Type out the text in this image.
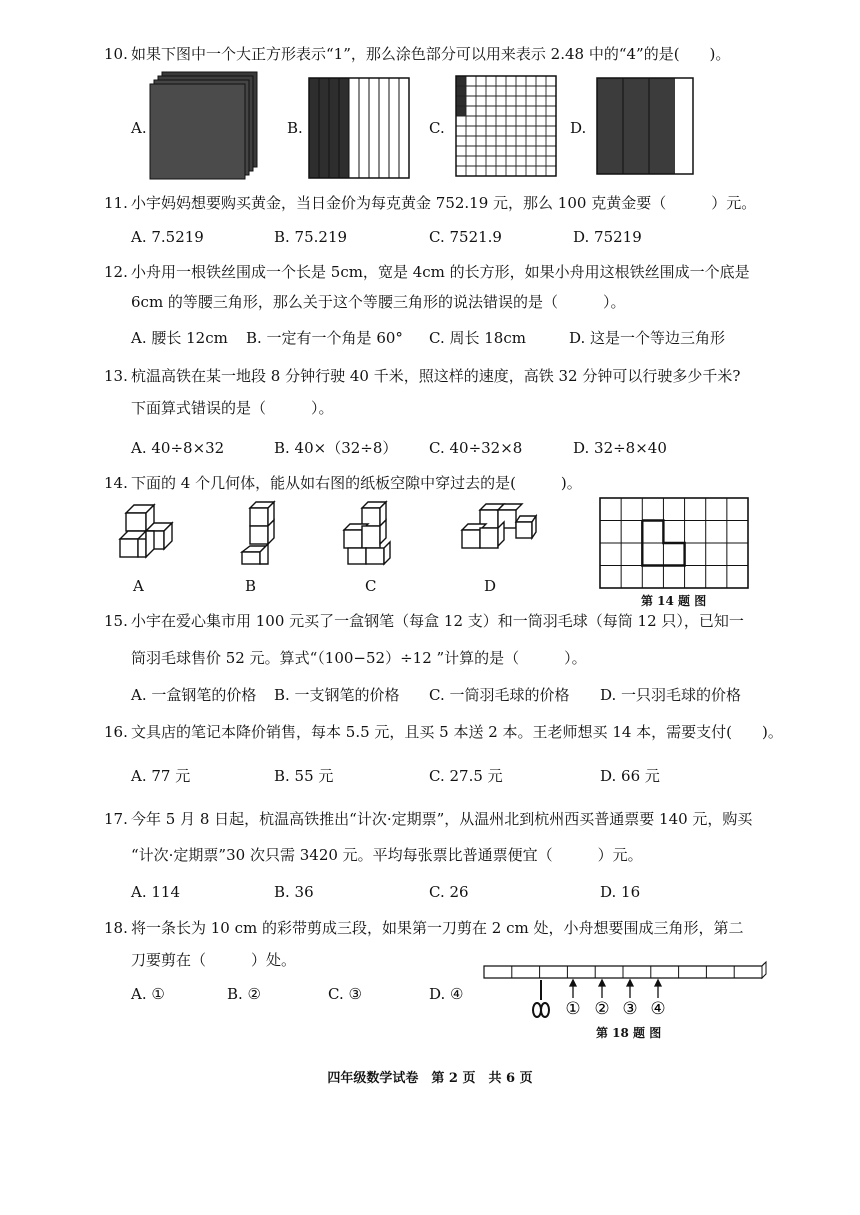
10. 如果下图中一个大正方形表示“1”，那么涂色部分可以用来表示 2.48 中的“4”的是(　　)。
A.	B.	C.	D.
11. 小宇妈妈想要购买黄金，当日金价为每克黄金 752.19 元，那么 100 克黄金要（　　　）元。
A. 7.5219	B. 75.219	C. 7521.9	D. 75219
12. 小舟用一根铁丝围成一个长是 5cm，宽是 4cm 的长方形，如果小舟用这根铁丝围成一个底是
6cm 的等腰三角形，那么关于这个等腰三角形的说法错误的是（　　　）。
A. 腰长 12cm B. 一定有一个角是 60° C. 周长 18cm	D. 这是一个等边三角形
13. 杭温高铁在某一地段 8 分钟行驶 40 千米，照这样的速度，高铁 32 分钟可以行驶多少千米?
下面算式错误的是（　　　）。
A. 40÷8×32	B. 40×（32÷8） C. 40÷32×8	D. 32÷8×40
14. 下面的 4 个几何体，能从如右图的纸板空隙中穿过去的是(　　　)。
A	B	C	D
第 14 题 图
15. 小宇在爱心集市用 100 元买了一盒钢笔（每盒 12 支）和一筒羽毛球（每筒 12 只），已知一
筒羽毛球售价 52 元。算式“（100−52）÷12 ”计算的是（　　　）。
A. 一盒钢笔的价格 B. 一支钢笔的价格 C. 一筒羽毛球的价格 D. 一只羽毛球的价格
16. 文具店的笔记本降价销售，每本 5.5 元，且买 5 本送 2 本。王老师想买 14 本，需要支付(　　)。
A. 77 元	B. 55 元	C. 27.5 元	D. 66 元
17. 今年 5 月 8 日起，杭温高铁推出“计次·定期票”，从温州北到杭州西买普通票要 140 元，购买
“计次·定期票”30 次只需 3420 元。平均每张票比普通票便宜（　　　）元。
A. 114	B. 36	C. 26	D. 16
18. 将一条长为 10 cm 的彩带剪成三段，如果第一刀剪在 2 cm 处，小舟想要围成三角形，第二
刀要剪在（　　　）处。
A. ①	B. ②	C. ③	D. ④
① ② ③ ④
第 18 题 图
四年级数学试卷　第 2 页　共 6 页
